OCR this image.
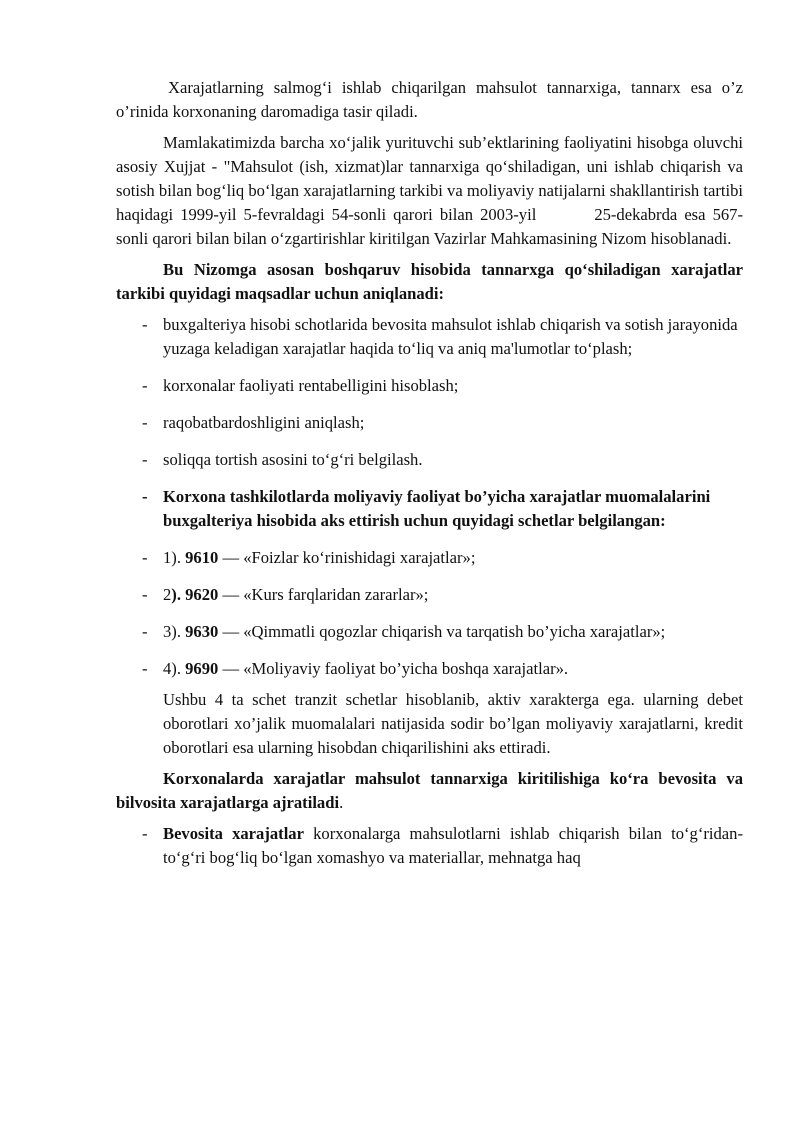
Xarajatlarning salmog‘i ishlab chiqarilgan mahsulot tannarxiga, tannarx esa o’z o’rinida korxonaning daromadiga tasir qiladi.

Mamlakatimizda barcha xo‘jalik yurituvchi sub’ektlarining faoliyatini hisobga oluvchi asosiy Xujjat - "Mahsulot (ish, xizmat)lar tannarxiga qo‘shiladigan, uni ishlab chiqarish va sotish bilan bog‘liq bo‘lgan xarajatlarning tarkibi va moliyaviy natijalarni shakllantirish tartibi haqidagi 1999-yil 5-fevraldagi 54-sonli qarori bilan 2003-yil	25-dekabrda esa 567-sonli qarori bilan bilan o‘zgartirishlar kiritilgan Vazirlar Mahkamasining Nizom hisoblanadi.

Bu Nizomga asosan boshqaruv hisobida tannarxga qo‘shiladigan xarajatlar tarkibi quyidagi maqsadlar uchun aniqlanadi:

- buxgalteriya hisobi schotlarida bevosita mahsulot ishlab chiqarish va sotish jarayonida yuzaga keladigan xarajatlar haqida to‘liq va aniq ma'lumotlar to‘plash;
- korxonalar faoliyati rentabelligini hisoblash;
- raqobatbardoshligini aniqlash;
- soliqqa tortish asosini to‘g‘ri belgilash.
- Korxona tashkilotlarda moliyaviy faoliyat bo’yicha xarajatlar muomalalarini buxgalteriya hisobida aks ettirish uchun quyidagi schetlar belgilangan:
- 1). 9610 — «Foizlar ko‘rinishidagi xarajatlar»;
- 2). 9620 — «Kurs farqlaridan zararlar»;
- 3). 9630 — «Qimmatli qogozlar chiqarish va tarqatish bo’yicha xarajatlar»;
- 4). 9690 — «Moliyaviy faoliyat bo’yicha boshqa xarajatlar».

Ushbu 4 ta schet tranzit schetlar hisoblanib, aktiv xarakterga ega. ularning debet oborotlari xo’jalik muomalalari natijasida sodir bo’lgan moliyaviy xarajatlarni, kredit oborotlari esa ularning hisobdan chiqarilishini aks ettiradi.

Korxonalarda xarajatlar mahsulot tannarxiga kiritilishiga ko‘ra bevosita va bilvosita xarajatlarga ajratiladi.

- Bevosita xarajatlar korxonalarga mahsulotlarni ishlab chiqarish bilan to‘g‘ridan-to‘g‘ri bog‘liq bo‘lgan xomashyo va materiallar, mehnatga haq
